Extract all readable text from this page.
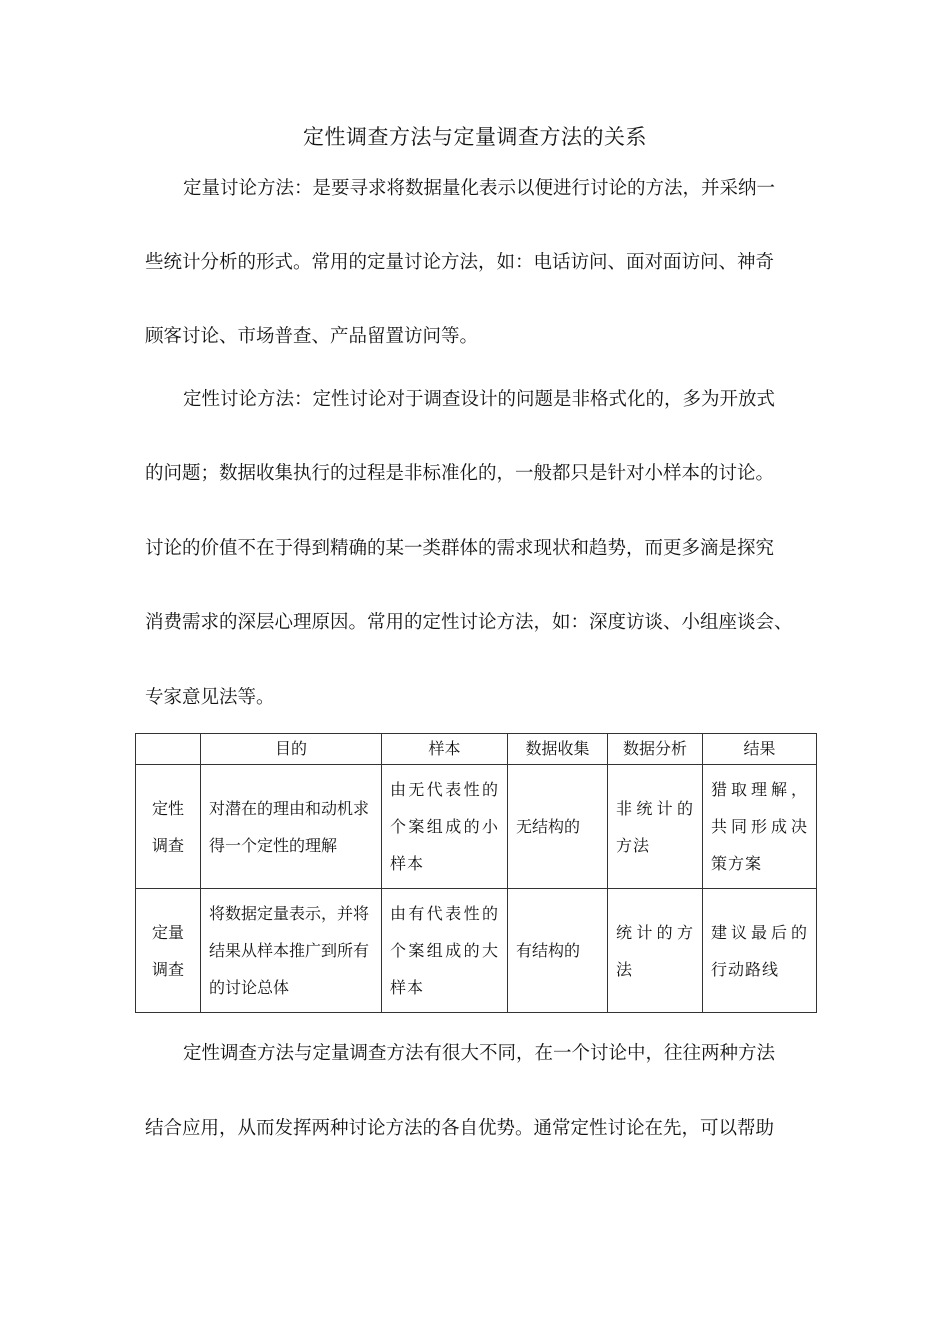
定性调查方法与定量调查方法的关系
定量讨论方法：是要寻求将数据量化表示以便进行讨论的方法，并采纳一
些统计分析的形式。常用的定量讨论方法，如：电话访问、面对面访问、神奇
顾客讨论、市场普查、产品留置访问等。
定性讨论方法：定性讨论对于调查设计的问题是非格式化的，多为开放式
的问题；数据收集执行的过程是非标准化的，一般都只是针对小样本的讨论。
讨论的价值不在于得到精确的某一类群体的需求现状和趋势，而更多滴是探究
消费需求的深层心理原因。常用的定性讨论方法，如：深度访谈、小组座谈会、
专家意见法等。
	目的	样本	数据收集	数据分析	结果
定性
调查	对潜在的理由和动机求得一个定性的理解	由无代表性的个案组成的小样本	无结构的	非统计的方法	猎取理解，共同形成决策方案
定量
调查	将数据定量表示，并将结果从样本推广到所有的讨论总体	由有代表性的个案组成的大样本	有结构的	统计的方法	建议最后的行动路线
定性调查方法与定量调查方法有很大不同，在一个讨论中，往往两种方法
结合应用，从而发挥两种讨论方法的各自优势。通常定性讨论在先，可以帮助
